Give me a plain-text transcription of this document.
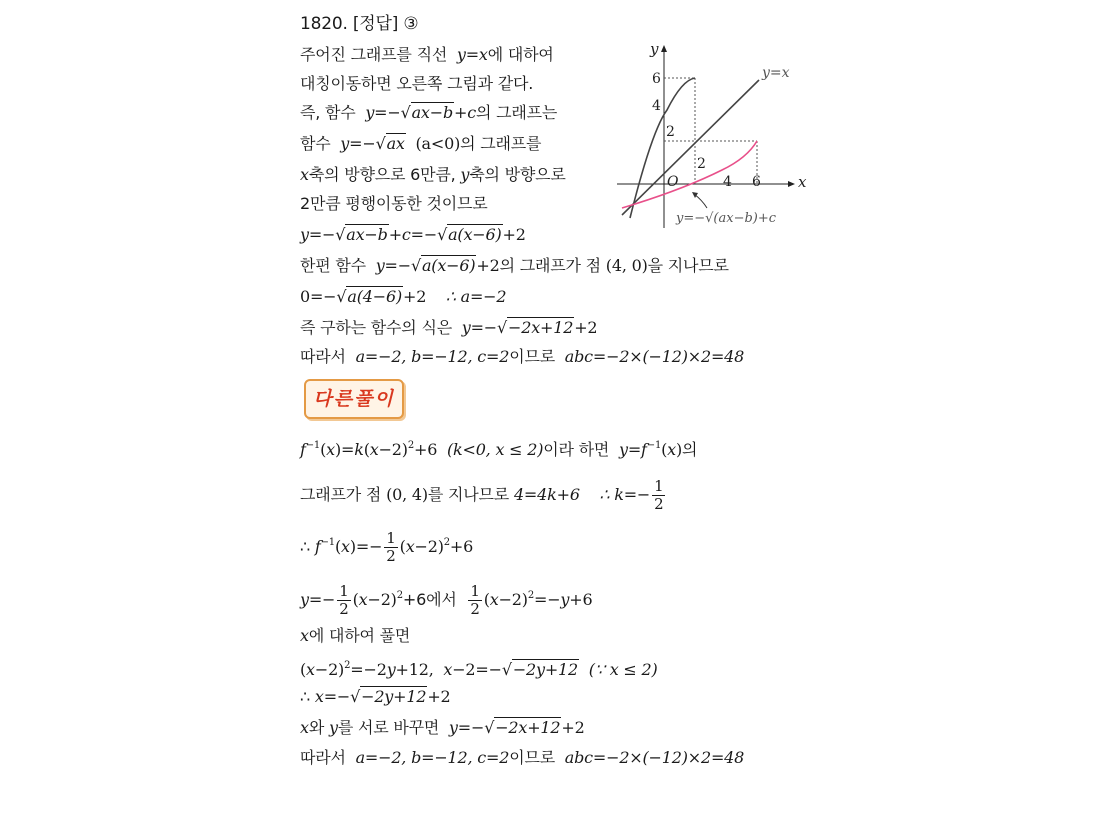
1820. [정답] ③
주어진 그래프를 직선 y=x에 대하여
대칭이동하면 오른쪽 그림과 같다.
즉, 함수 y=−√ax−b+c의 그래프는
함수 y=−√ax (a<0)의 그래프를
x축의 방향으로 6만큼, y축의 방향으로
2만큼 평행이동한 것이므로
y=−√ax−b+c=−√a(x−6)+2
한편 함수 y=−√a(x−6)+2의 그래프가 점 (4, 0)을 지나므로
0=−√a(4−6)+2 ∴ a=−2
즉 구하는 함수의 식은 y=−√−2x+12+2
따라서 a=−2, b=−12, c=2이므로 abc=−2×(−12)×2=48
다른풀이
$f^{-1}(x)=k(x-2)^2+6$ (k<0, x ≤ 2)이라 하면 $y=f^{-1}(x)$의
그래프가 점 (0, 4)를 지나므로 4=4k+6 ∴ $k=- \frac{1}{2}$
∴ $f^{-1}(x)=- \frac{1}{2} (x-2)^2+6$
$y=- \frac{1}{2} (x-2)^2+6$에서 $\frac{1}{2} (x-2)^2=-y+6$
x에 대하여 풀면
$(x-2)^2=-2y+12$, x−2=−√−2y+12 (∵ x ≤ 2)
∴ x=−√−2y+12+2
x와 y를 서로 바꾸면 y=−√−2x+12+2
따라서 a=−2, b=−12, c=2이므로 abc=−2×(−12)×2=48
y
x
6
4
2
2
O	4 6
y=x
y=−√(ax−b)+c
